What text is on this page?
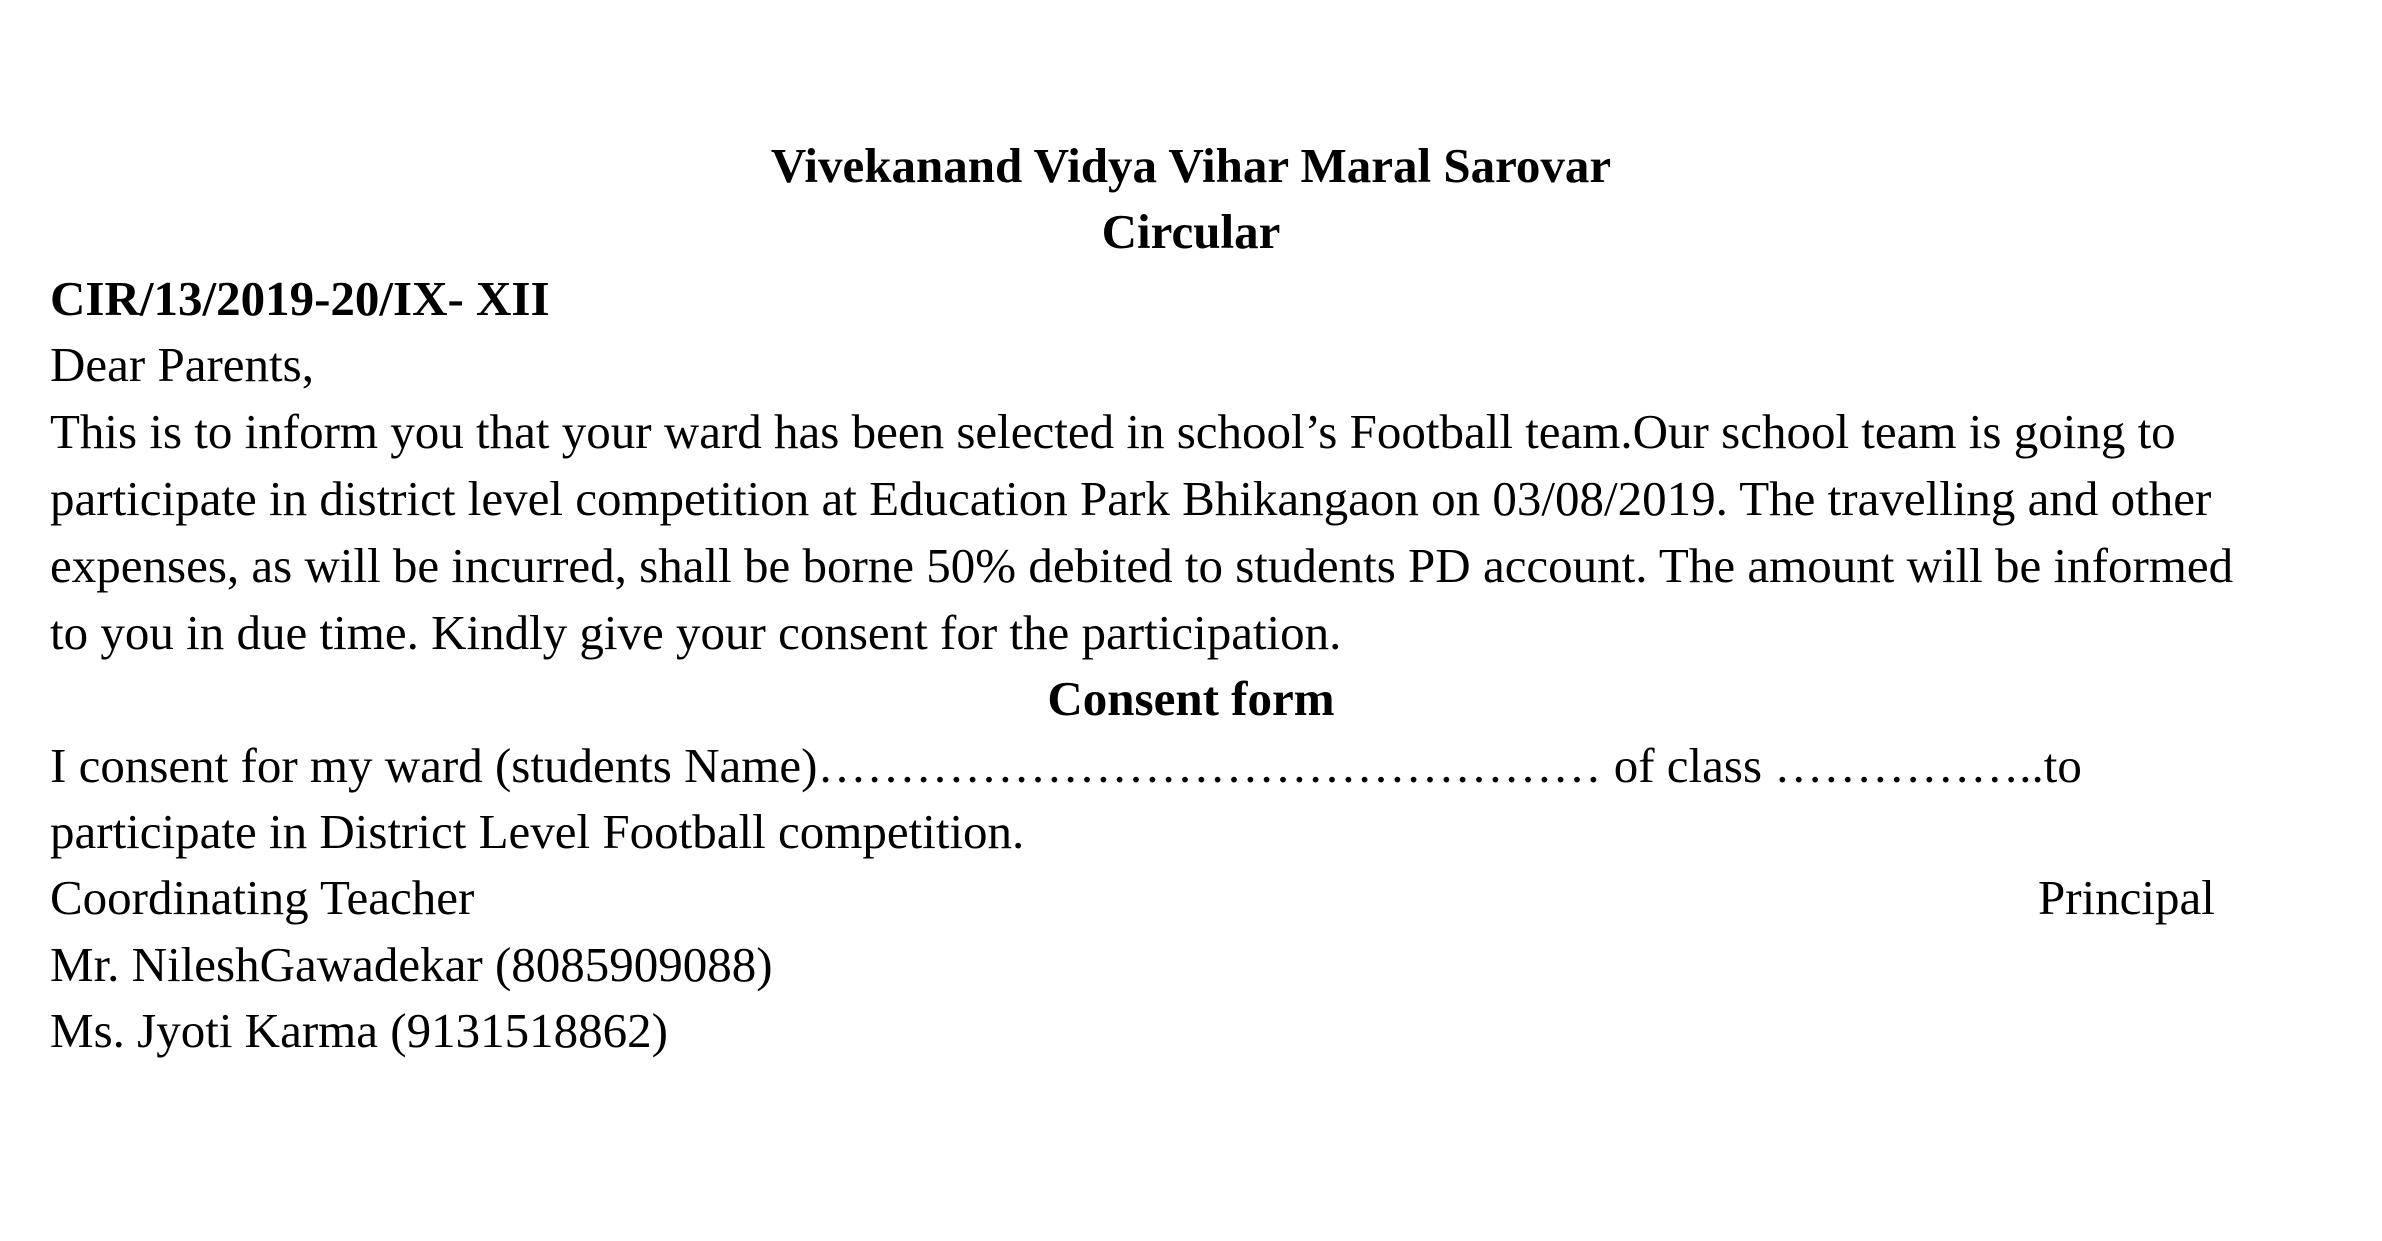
Vivekanand Vidya Vihar Maral Sarovar
Circular
CIR/13/2019-20/IX- XII
Dear Parents,
This is to inform you that your ward has been selected in school’s Football team.Our school team is going to
participate in district level competition at Education Park Bhikangaon on 03/08/2019. The travelling and other
expenses, as will be incurred, shall be borne 50% debited to students PD account. The amount will be informed
to you in due time. Kindly give your consent for the participation.
Consent form
I consent for my ward (students Name)………………………………………… of class ……………..to
participate in District Level Football competition.
Coordinating Teacher	Principal
Mr. NileshGawadekar (8085909088)
Ms. Jyoti Karma (9131518862)
